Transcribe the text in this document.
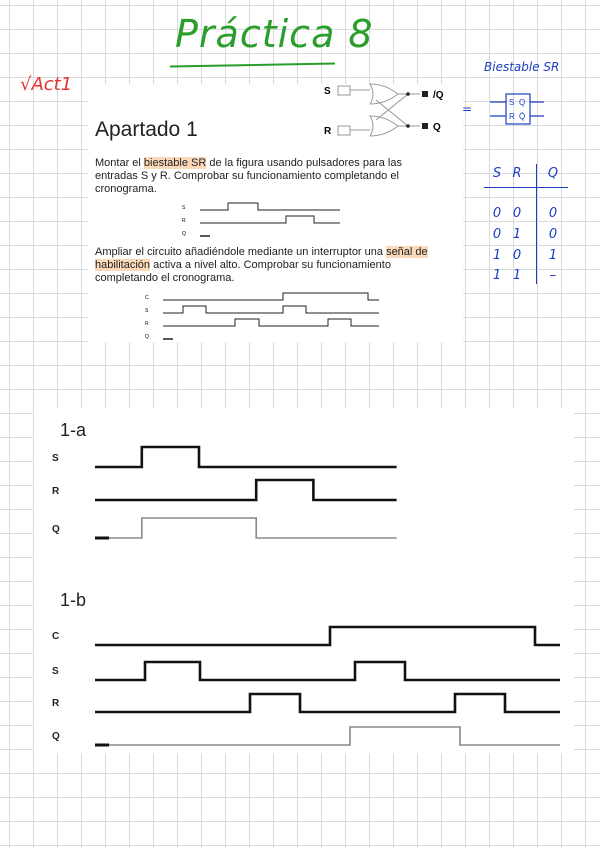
Práctica 8
√Act1	S
R
/Q
Q
Apartado 1
Montar el biestable SR de la figura usando pulsadores para las entradas S y R. Comprobar su funcionamiento completando el cronograma.
S
R
Q
Ampliar el circuito añadiéndole mediante un interruptor una señal de habilitación activa a nivel alto. Comprobar su funcionamiento completando el cronograma.
C
S
R
Q
Biestable SR
=	S Q
R Q̄
S R	Q
0 0	0
0 1	0
1 0	1
1 1	–
1-a
S
R
Q
1-b
C
S
R
Q
